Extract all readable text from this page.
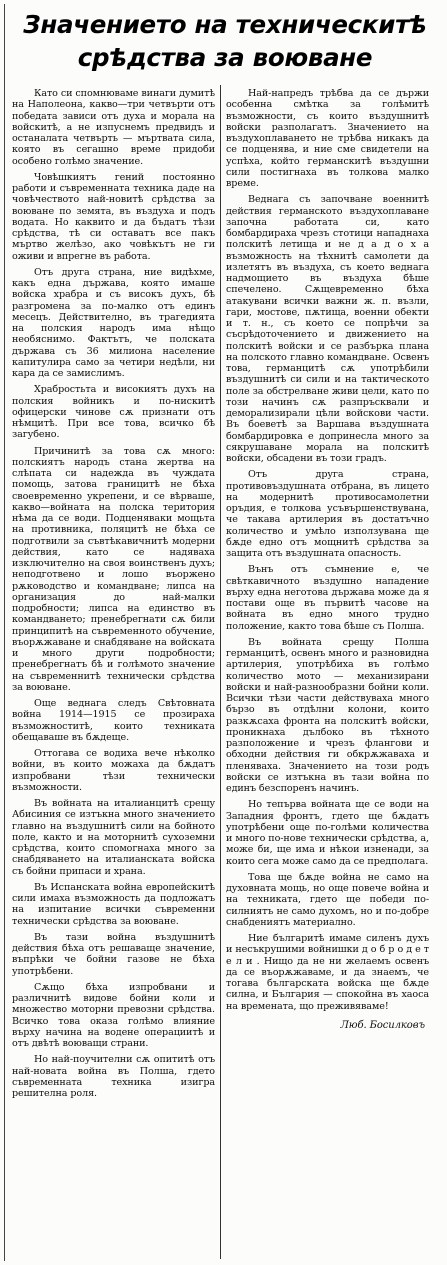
Значението на техническитѣ срѣдства за воюване

Като си спомнюваме винаги думитѣ на Наполеона, каквo—три четвърти отъ победата зависи отъ духа и морала на войскитѣ, а не изпуснемъ предвидъ и останалата четвърть — мъртвата сила, която въ сегашно време придоби особено голѣмо значение.

Човѣшкиятъ гений постоянно работи и съвременната техника даде на човѣчеството най-новитѣ срѣдства за воюване по земята, въ въздуха и подъ водата. Но каквито и да бъдатъ тѣзи срѣдства, тѣ си оставатъ все пакъ мъртво желѣзо, ако човѣкътъ не ги оживи и впрегне въ работа.

Отъ друга страна, ние видѣхме, какъ една държава, която имаше войска храбра и съ високъ духъ, бѣ разгромена за по-малко отъ единъ месецъ. Действително, въ трагедията на полския народъ има нѣщо необяснимо. Фактътъ, че полската държава съ 36 милиона население капитулира само за четири недѣли, ни кара да се замислимъ.

Храбростьта и високиятъ духъ на полския войникъ и по-нискитѣ офицерски чинове сѫ признати отъ нѣмцитѣ. При все това, всичко бѣ загубено.

Причинитѣ за това сѫ много: полскиятъ народъ стана жертва на слѣпата си надежда въ чуждата помощь, затова границитѣ не бѣха своевременно укрепени, и се вѣрваше, каквo—войната на полска територия нѣма да се води. Подценяваки мощьта на противника, поляцитѣ не бѣха се подготвили за съвтѣкавичнитѣ модерни действия, като се надявахa изключително на своя воинственъ духъ; неподготвено и лошо въоржено рѫководство и командване; липса на организация до най-малки подробности; липса на единство въ командването; пренебрегнати сѫ били принципитѣ на съвременното обучение, въорѫжаване и снабдяване на войската и много други подробности; пренебрегнатъ бѣ и голѣмото значение на съвременнитѣ технически срѣдства за воюване.

Още веднага следъ Свѣтовната война 1914—1915 се прозираха възможноститѣ, които техниката обещаваше въ бѫдеще.

Оттогава се водиха вече нѣколко войни, въ които можаха да бѫдатъ изпробвани тѣзи технически възможности.

Въ войната на италианцитѣ срещу Абисиния се изтъкна много значението главно на въздушнитѣ сили на бойното поле, както и на моторнитѣ сухоземни срѣдства, които спомогнаха много за снабдяването на италианската войска съ бойни припаси и храна.

Въ Испанската война европейскитѣ сили имаха възможность да подложатъ на изпитание всички съвременни технически срѣдства за воюване.

Въ тази война въздушнитѣ действия бѣха отъ решаваще значение, въпрѣки че бойни газове не бѣха употрѣбени.

Сѫщо бѣха изпробвани и различнитѣ видове бойни коли и множество моторни превозни срѣдства. Всичко това оказа голѣмо влияние върху начина на водене операциитѣ и отъ двѣтѣ воюващи страни.

Но най-поучителни сѫ опититѣ отъ най-новата война въ Полша, гдето съвременната техника изигра решителна роля.

Най-напредъ трѣбва да се държи особенна смѣтка за голѣмитѣ възможности, съ които въздушнитѣ войски разполагатъ. Значението на въздухоплаването не трѣбва никакъ да се подценява, и ние сме свидетели на успѣха, който германскитѣ въздушни сили постигнаха въ толкова малко време.

Веднага съ започване военнитѣ действия германското въздухоплаване започна работата си, като бомбардираха чрезъ стотици нападнаха полскитѣ летища и не д а д о х а възможность на тѣхнитѣ самолети да излетятъ въ въздуха, съ което веднага надмощието въ въздуха бѣше спечелено. Сѫщевременно бѣха атакувани всички важни ж. п. възли, гари, мостове, пѫтища, военни обекти и т. н., съ което се попрѣчи за съсрѣдоточението и движението на полскитѣ войски и се разбърка плана на полското главно командване. Освенъ това, германцитѣ сѫ употрѣбили въздушнитѣ си сили и на тактическото поле за обстрелване живи цели, като по този начинъ сѫ разпръсквали и деморализирали цѣли войскови части. Въ боеветѣ за Варшава въздушната бомбардировка е допринесла много за сякрушаване морала на полскитѣ войски, обсадени въ този градъ.

Отъ друга страна, противовъздушната отбрана, въ лицето на модернитѣ противосамолетни оръдия, е толкова усъвършенствувана, че такава артилерия въ достатъчно количество и умѣло използувана ще бѫде едно отъ мощнитѣ срѣдства за защита отъ въздушната опасность.

Вънъ отъ съмнение е, че свѣткавичното въздушно нападение върху една неготова държава може да я постави още въ първитѣ часове на войната въ едно много трудно положение, както това бѣше съ Полша.

Въ войната срещу Полша германцитѣ, освенъ много и разновидна артилерия, употрѣбиха въ голѣмо количество мото — механизирани войски и най-разнообразни бойни коли. Всички тѣзи части действуваха много бързо въ отдѣлни колони, които разкѫсаха фронта на полскитѣ войски, проникнаха дълбоко въ тѣхното разположение и чрезъ флангови и обходни действия ги обкрѫжаваха и пленяваха. Значението на този родъ войски се изтъкна въ тази война по единъ безспоренъ начинъ.

Но тепърва войната ще се води на Западния фронтъ, гдето ще бѫдатъ употрѣбени още по-голѣми количества и много по-нове технически срѣдства, а, може би, ще има и нѣкои изненади, за които сега може само да се предполага.

Това ще бѫде война не само на духовната мощь, но още повече война и на техниката, гдето ще победи по-силниятъ не само духомъ, но и по-добре снабдениятъ материално.

Ние българитѣ имаме силенъ духъ и несъкрушими войнишки д о б р о д е т е л и . Нищо да не ни желаемъ освенъ да се въорѫжаваме, и да знаемъ, че тогава българската войска ще бѫде силна, и България — спокойна въ хаоса на времената, що преживяваме!

Люб. Босилковъ
